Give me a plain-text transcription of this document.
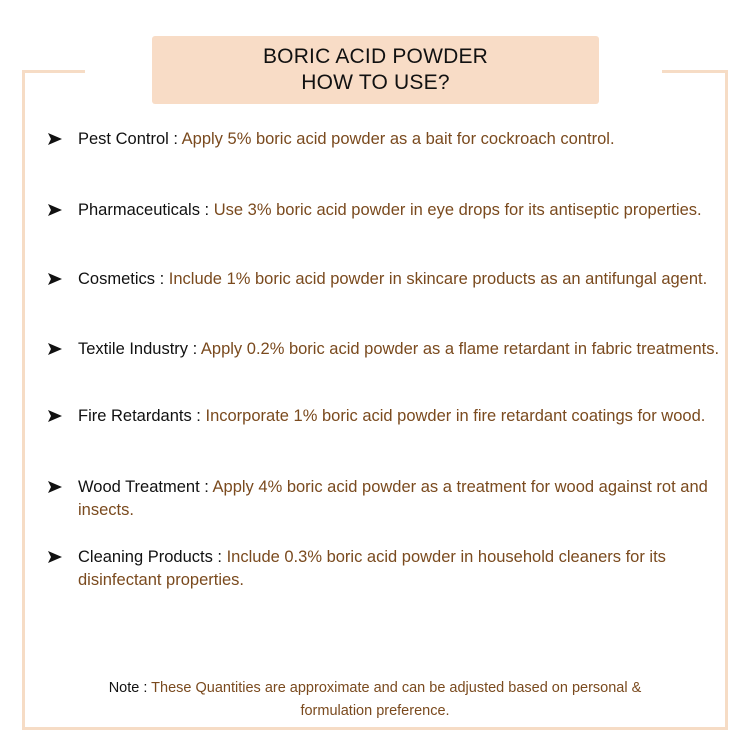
BORIC ACID POWDER
HOW TO USE?
Pest Control : Apply 5% boric acid powder as a bait for cockroach control.
Pharmaceuticals : Use 3% boric acid powder in eye drops for its antiseptic properties.
Cosmetics : Include 1% boric acid powder in skincare products as an antifungal agent.
Textile Industry : Apply 0.2% boric acid powder as a flame retardant in fabric treatments.
Fire Retardants : Incorporate 1% boric acid powder in fire retardant coatings for wood.
Wood Treatment : Apply 4% boric acid powder as a treatment for wood against rot and insects.
Cleaning Products : Include 0.3% boric acid powder in household cleaners for its disinfectant properties.
Note : These Quantities are approximate and can be adjusted based on personal & formulation preference.
